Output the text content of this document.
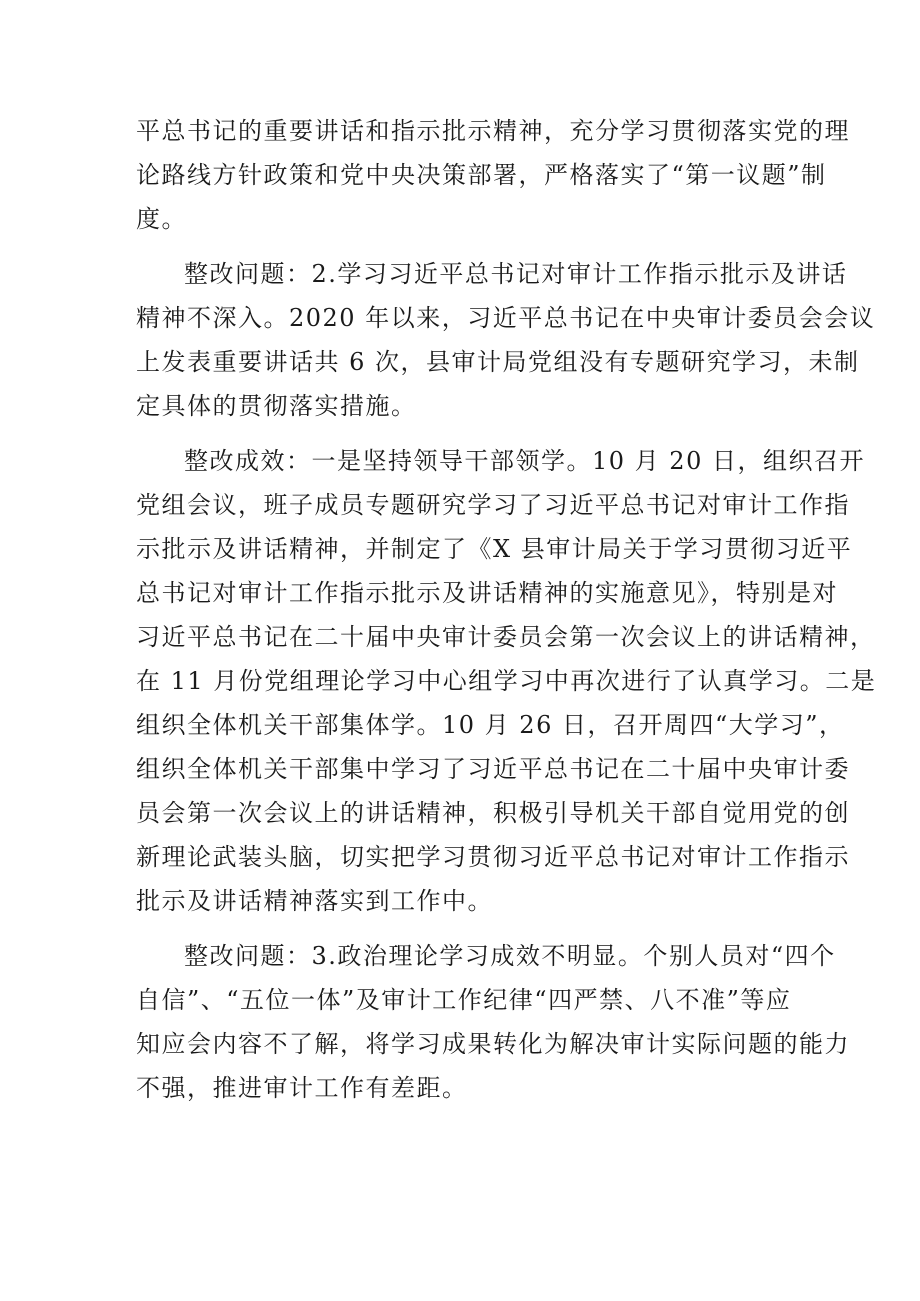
平总书记的重要讲话和指示批示精神，充分学习贯彻落实党的理
论路线方针政策和党中央决策部署，严格落实了“第一议题”制
度。

整改问题：2.学习习近平总书记对审计工作指示批示及讲话
精神不深入。2020 年以来，习近平总书记在中央审计委员会会议
上发表重要讲话共 6 次，县审计局党组没有专题研究学习，未制
定具体的贯彻落实措施。

整改成效：一是坚持领导干部领学。10 月 20 日，组织召开
党组会议，班子成员专题研究学习了习近平总书记对审计工作指
示批示及讲话精神，并制定了《X 县审计局关于学习贯彻习近平
总书记对审计工作指示批示及讲话精神的实施意见》，特别是对
习近平总书记在二十届中央审计委员会第一次会议上的讲话精神，
在 11 月份党组理论学习中心组学习中再次进行了认真学习。二是
组织全体机关干部集体学。10 月 26 日，召开周四“大学习”，
组织全体机关干部集中学习了习近平总书记在二十届中央审计委
员会第一次会议上的讲话精神，积极引导机关干部自觉用党的创
新理论武装头脑，切实把学习贯彻习近平总书记对审计工作指示
批示及讲话精神落实到工作中。

整改问题：3.政治理论学习成效不明显。个别人员对“四个
自信”、“五位一体”及审计工作纪律“四严禁、八不准”等应
知应会内容不了解，将学习成果转化为解决审计实际问题的能力
不强，推进审计工作有差距。
